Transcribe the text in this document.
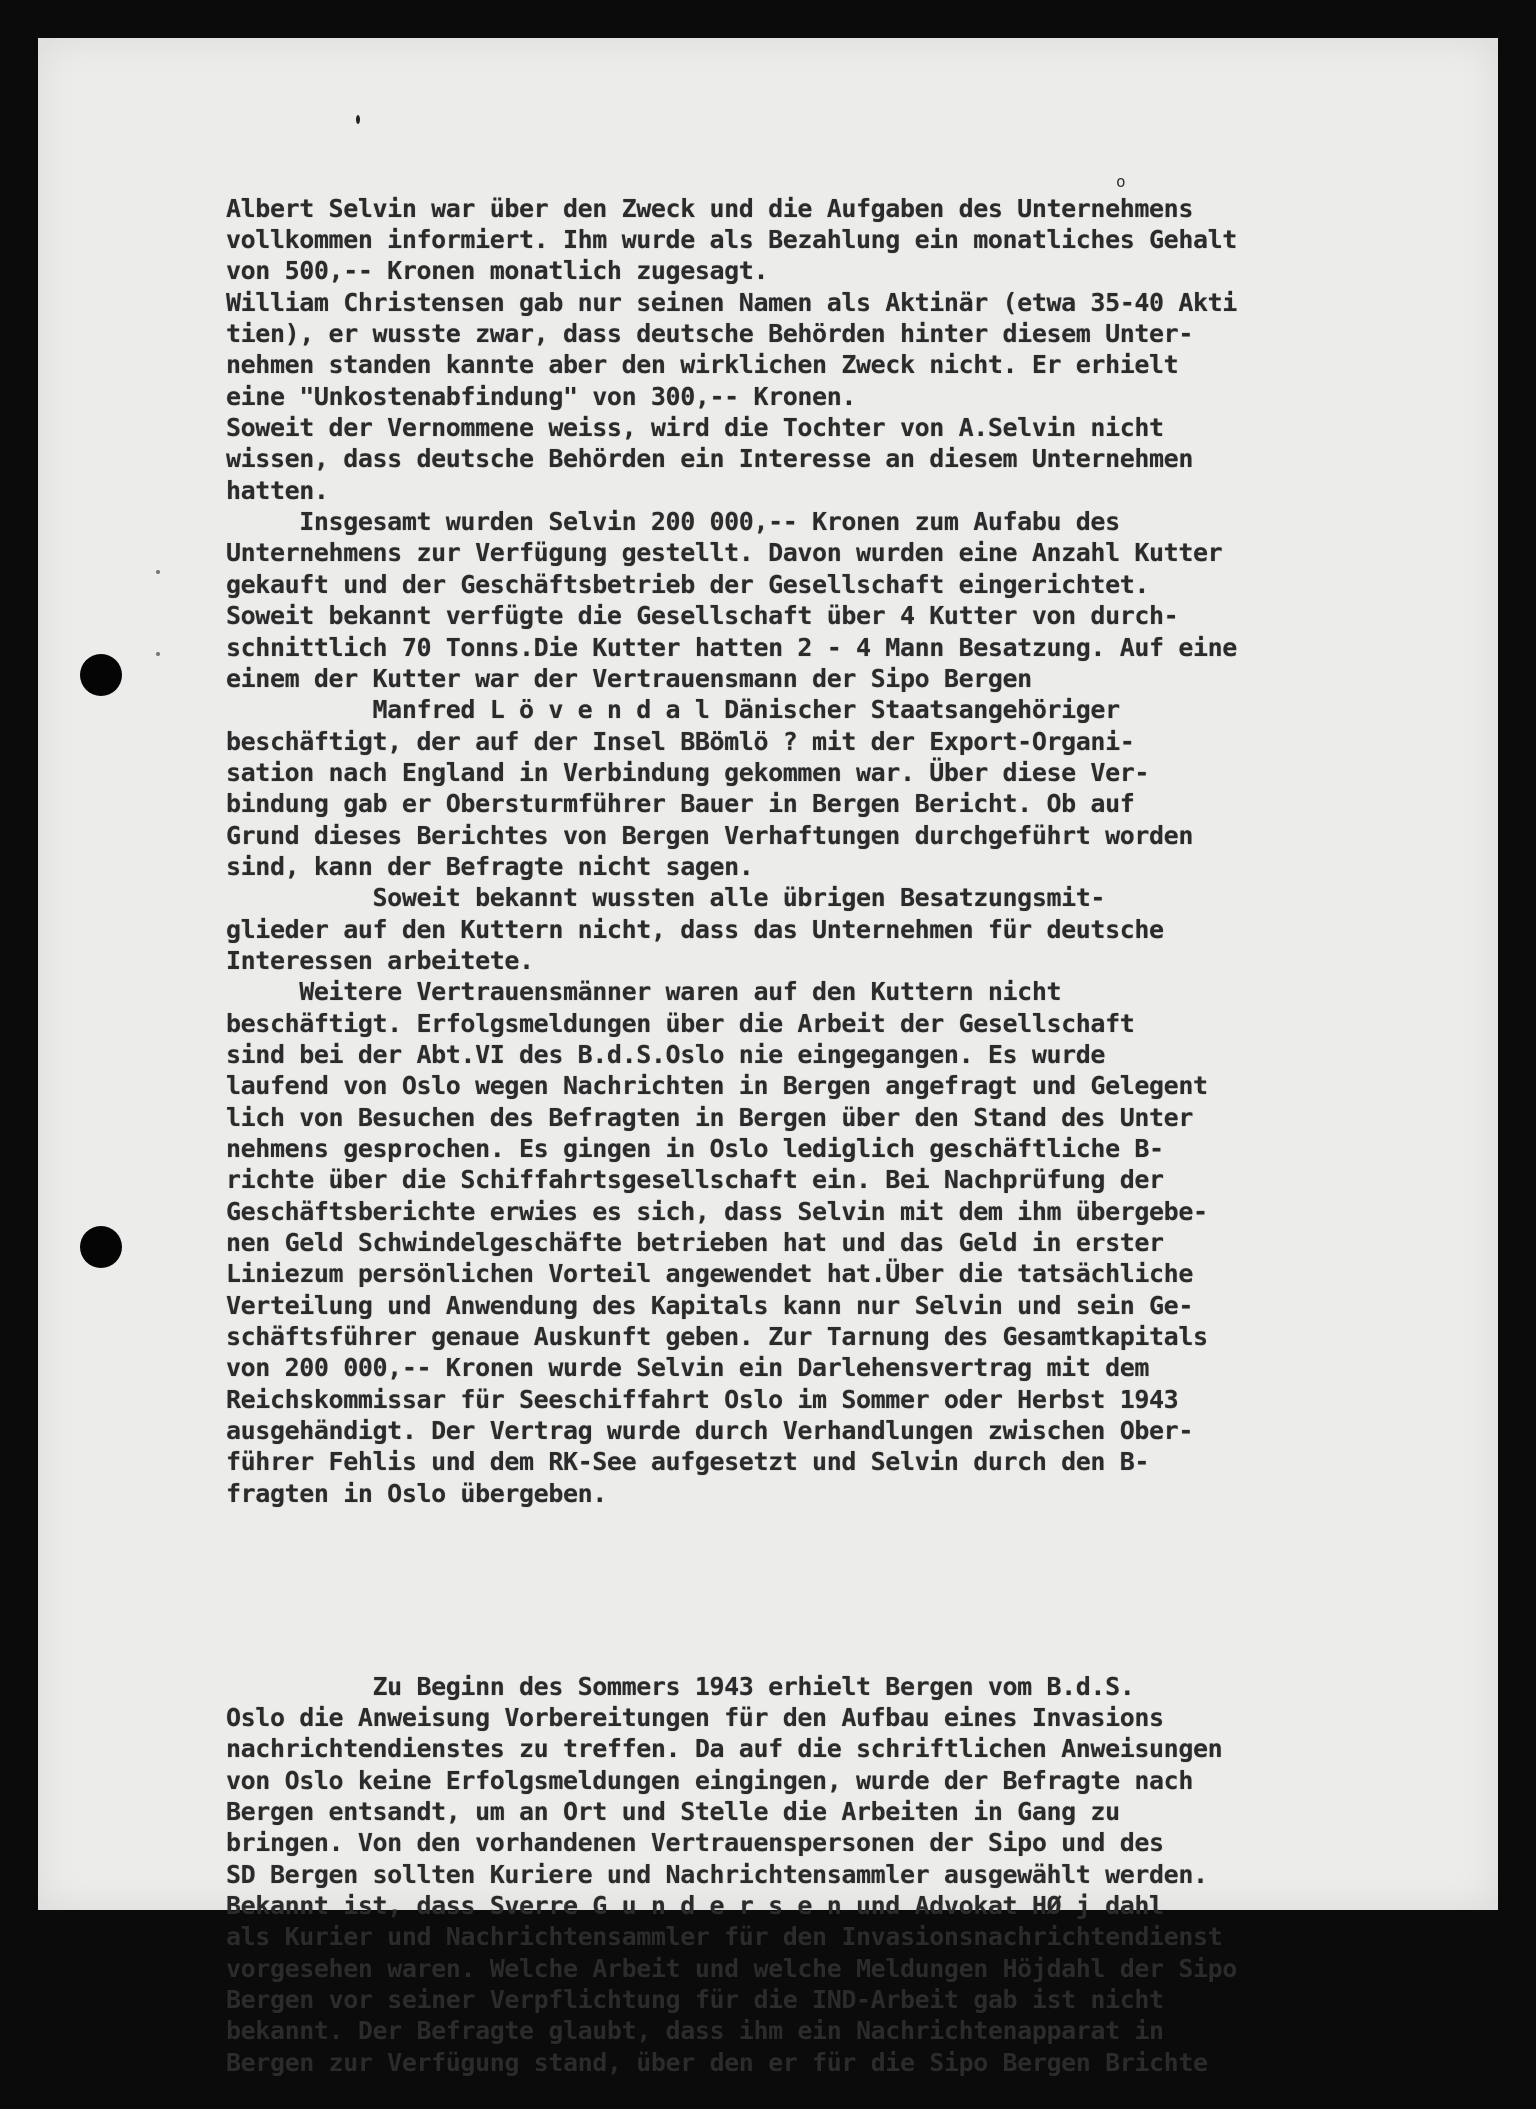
o

Albert Selvin war über den Zweck und die Aufgaben des Unternehmens
vollkommen informiert. Ihm wurde als Bezahlung ein monatliches Gehalt
von 500,-- Kronen monatlich zugesagt.
William Christensen gab nur seinen Namen als Aktinär (etwa 35-40 Akti
tien), er wusste zwar, dass deutsche Behörden hinter diesem Unter-
nehmen standen kannte aber den wirklichen Zweck nicht. Er erhielt
eine "Unkostenabfindung" von 300,-- Kronen.
Soweit der Vernommene weiss, wird die Tochter von A.Selvin nicht
wissen, dass deutsche Behörden ein Interesse an diesem Unternehmen
hatten.
Insgesamt wurden Selvin 200 000,-- Kronen zum Aufabu des
Unternehmens zur Verfügung gestellt. Davon wurden eine Anzahl Kutter
gekauft und der Geschäftsbetrieb der Gesellschaft eingerichtet.
Soweit bekannt verfügte die Gesellschaft über 4 Kutter von durch-
schnittlich 70 Tonns.Die Kutter hatten 2 - 4 Mann Besatzung. Auf eine
einem der Kutter war der Vertrauensmann der Sipo Bergen
Manfred L ö v e n d a l Dänischer Staatsangehöriger
beschäftigt, der auf der Insel BBömlö ? mit der Export-Organi-
sation nach England in Verbindung gekommen war. Über diese Ver-
bindung gab er Obersturmführer Bauer in Bergen Bericht. Ob auf
Grund dieses Berichtes von Bergen Verhaftungen durchgeführt worden
sind, kann der Befragte nicht sagen.
Soweit bekannt wussten alle übrigen Besatzungsmit-
glieder auf den Kuttern nicht, dass das Unternehmen für deutsche
Interessen arbeitete.
Weitere Vertrauensmänner waren auf den Kuttern nicht
beschäftigt. Erfolgsmeldungen über die Arbeit der Gesellschaft
sind bei der Abt.VI des B.d.S.Oslo nie eingegangen. Es wurde
laufend von Oslo wegen Nachrichten in Bergen angefragt und Gelegent
lich von Besuchen des Befragten in Bergen über den Stand des Unter
nehmens gesprochen. Es gingen in Oslo lediglich geschäftliche B-
richte über die Schiffahrtsgesellschaft ein. Bei Nachprüfung der
Geschäftsberichte erwies es sich, dass Selvin mit dem ihm übergebe-
nen Geld Schwindelgeschäfte betrieben hat und das Geld in erster
Liniezum persönlichen Vorteil angewendet hat.Über die tatsächliche
Verteilung und Anwendung des Kapitals kann nur Selvin und sein Ge-
schäftsführer genaue Auskunft geben. Zur Tarnung des Gesamtkapitals
von 200 000,-- Kronen wurde Selvin ein Darlehensvertrag mit dem
Reichskommissar für Seeschiffahrt Oslo im Sommer oder Herbst 1943
ausgehändigt. Der Vertrag wurde durch Verhandlungen zwischen Ober-
führer Fehlis und dem RK-See aufgesetzt und Selvin durch den B-
fragten in Oslo übergeben.

Zu Beginn des Sommers 1943 erhielt Bergen vom B.d.S.
Oslo die Anweisung Vorbereitungen für den Aufbau eines Invasions
nachrichtendienstes zu treffen. Da auf die schriftlichen Anweisungen
von Oslo keine Erfolgsmeldungen eingingen, wurde der Befragte nach
Bergen entsandt, um an Ort und Stelle die Arbeiten in Gang zu
bringen. Von den vorhandenen Vertrauenspersonen der Sipo und des
SD Bergen sollten Kuriere und Nachrichtensammler ausgewählt werden.
Bekannt ist, dass Sverre G u n d e r s e n und Advokat HØ j dahl
als Kurier und Nachrichtensammler für den Invasionsnachrichtendienst
vorgesehen waren. Welche Arbeit und welche Meldungen Höjdahl der Sipo
Bergen vor seiner Verpflichtung für die IND-Arbeit gab ist nicht
bekannt. Der Befragte glaubt, dass ihm ein Nachrichtenapparat in
Bergen zur Verfügung stand, über den er für die Sipo Bergen Brichte
